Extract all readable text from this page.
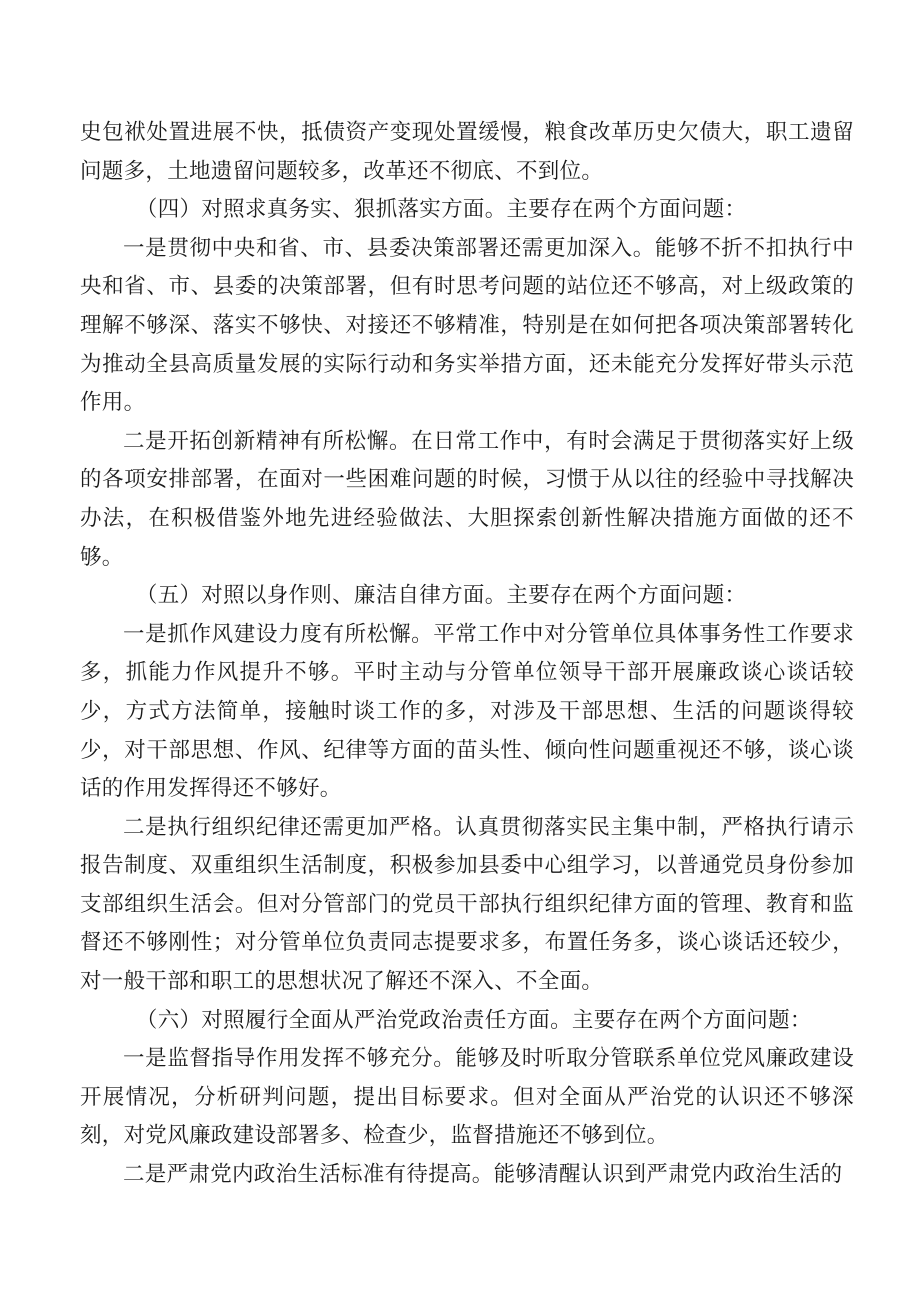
史包袱处置进展不快，抵债资产变现处置缓慢，粮食改革历史欠债大，职工遗留问题多，土地遗留问题较多，改革还不彻底、不到位。

（四）对照求真务实、狠抓落实方面。主要存在两个方面问题：

一是贯彻中央和省、市、县委决策部署还需更加深入。能够不折不扣执行中央和省、市、县委的决策部署，但有时思考问题的站位还不够高，对上级政策的理解不够深、落实不够快、对接还不够精准，特别是在如何把各项决策部署转化为推动全县高质量发展的实际行动和务实举措方面，还未能充分发挥好带头示范作用。

二是开拓创新精神有所松懈。在日常工作中，有时会满足于贯彻落实好上级的各项安排部署，在面对一些困难问题的时候，习惯于从以往的经验中寻找解决办法，在积极借鉴外地先进经验做法、大胆探索创新性解决措施方面做的还不够。

（五）对照以身作则、廉洁自律方面。主要存在两个方面问题：

一是抓作风建设力度有所松懈。平常工作中对分管单位具体事务性工作要求多，抓能力作风提升不够。平时主动与分管单位领导干部开展廉政谈心谈话较少，方式方法简单，接触时谈工作的多，对涉及干部思想、生活的问题谈得较少，对干部思想、作风、纪律等方面的苗头性、倾向性问题重视还不够，谈心谈话的作用发挥得还不够好。

二是执行组织纪律还需更加严格。认真贯彻落实民主集中制，严格执行请示报告制度、双重组织生活制度，积极参加县委中心组学习，以普通党员身份参加支部组织生活会。但对分管部门的党员干部执行组织纪律方面的管理、教育和监督还不够刚性；对分管单位负责同志提要求多，布置任务多，谈心谈话还较少，对一般干部和职工的思想状况了解还不深入、不全面。

（六）对照履行全面从严治党政治责任方面。主要存在两个方面问题：

一是监督指导作用发挥不够充分。能够及时听取分管联系单位党风廉政建设开展情况，分析研判问题，提出目标要求。但对全面从严治党的认识还不够深刻，对党风廉政建设部署多、检查少，监督措施还不够到位。

二是严肃党内政治生活标准有待提高。能够清醒认识到严肃党内政治生活的
